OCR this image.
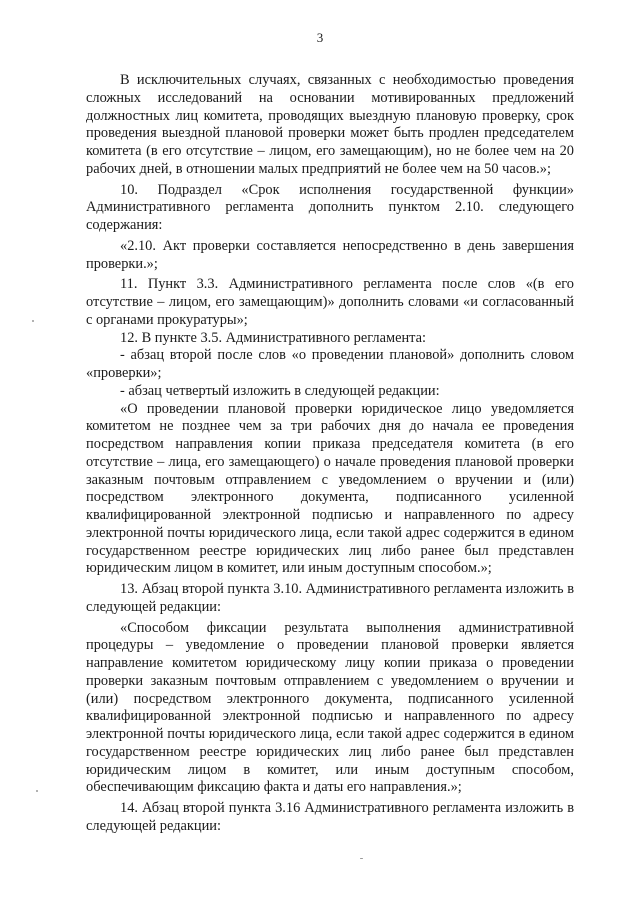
3

В исключительных случаях, связанных с необходимостью проведения сложных исследований на основании мотивированных предложений должностных лиц комитета, проводящих выездную плановую проверку, срок проведения выездной плановой проверки может быть продлен председателем комитета (в его отсутствие – лицом, его замещающим), но не более чем на 20 рабочих дней, в отношении малых предприятий не более чем на 50 часов.»;

10. Подраздел «Срок исполнения государственной функции» Административного регламента дополнить пунктом 2.10. следующего содержания:

«2.10. Акт проверки составляется непосредственно в день завершения проверки.»;

11. Пункт 3.3. Административного регламента после слов «(в его отсутствие – лицом, его замещающим)» дополнить словами «и согласованный с органами прокуратуры»;

12. В пункте 3.5. Административного регламента:

- абзац второй после слов «о проведении плановой» дополнить словом «проверки»;

- абзац четвертый изложить в следующей редакции:

«О проведении плановой проверки юридическое лицо уведомляется комитетом не позднее чем за три рабочих дня до начала ее проведения посредством направления копии приказа председателя комитета (в его отсутствие – лица, его замещающего) о начале проведения плановой проверки заказным почтовым отправлением с уведомлением о вручении и (или) посредством электронного документа, подписанного усиленной квалифицированной электронной подписью и направленного по адресу электронной почты юридического лица, если такой адрес содержится в едином государственном реестре юридических лиц либо ранее был представлен юридическим лицом в комитет, или иным доступным способом.»;

13. Абзац второй пункта 3.10. Административного регламента изложить в следующей редакции:

«Способом фиксации результата выполнения административной процедуры – уведомление о проведении плановой проверки является направление комитетом юридическому лицу копии приказа о проведении проверки заказным почтовым отправлением с уведомлением о вручении и (или) посредством электронного документа, подписанного усиленной квалифицированной электронной подписью и направленного по адресу электронной почты юридического лица, если такой адрес содержится в едином государственном реестре юридических лиц либо ранее был представлен юридическим лицом в комитет, или иным доступным способом, обеспечивающим фиксацию факта и даты его направления.»;

14. Абзац второй пункта 3.16 Административного регламента изложить в следующей редакции:
